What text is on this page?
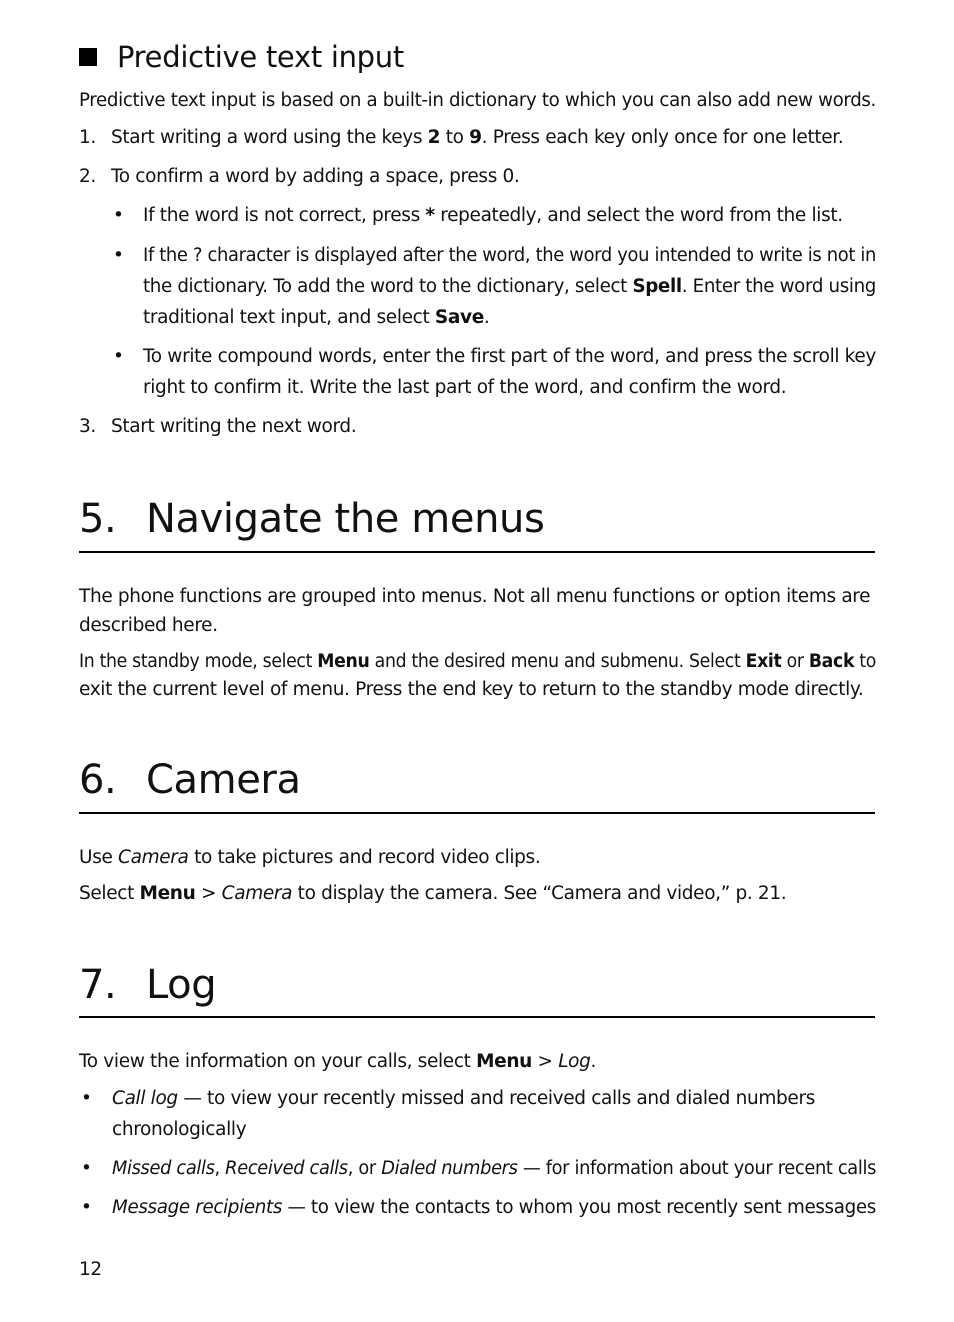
Predictive text input
Predictive text input is based on a built-in dictionary to which you can also add new words.
1. Start writing a word using the keys 2 to 9. Press each key only once for one letter.
2. To confirm a word by adding a space, press 0.
•
If the word is not correct, press * repeatedly, and select the word from the list.
•
If the ? character is displayed after the word, the word you intended to write is not in
the dictionary. To add the word to the dictionary, select Spell. Enter the word using
traditional text input, and select Save.
•
To write compound words, enter the first part of the word, and press the scroll key
right to confirm it. Write the last part of the word, and confirm the word.
3. Start writing the next word.
5. Navigate the menus
The phone functions are grouped into menus. Not all menu functions or option items are
described here.
In the standby mode, select Menu and the desired menu and submenu. Select Exit or Back to
exit the current level of menu. Press the end key to return to the standby mode directly.
6. Camera
Use Camera to take pictures and record video clips.
Select Menu > Camera to display the camera. See “Camera and video,” p. 21.
7. Log
To view the information on your calls, select Menu > Log.
•
Call log — to view your recently missed and received calls and dialed numbers
chronologically
•
Missed calls, Received calls, or Dialed numbers — for information about your recent calls
•
Message recipients — to view the contacts to whom you most recently sent messages
12
